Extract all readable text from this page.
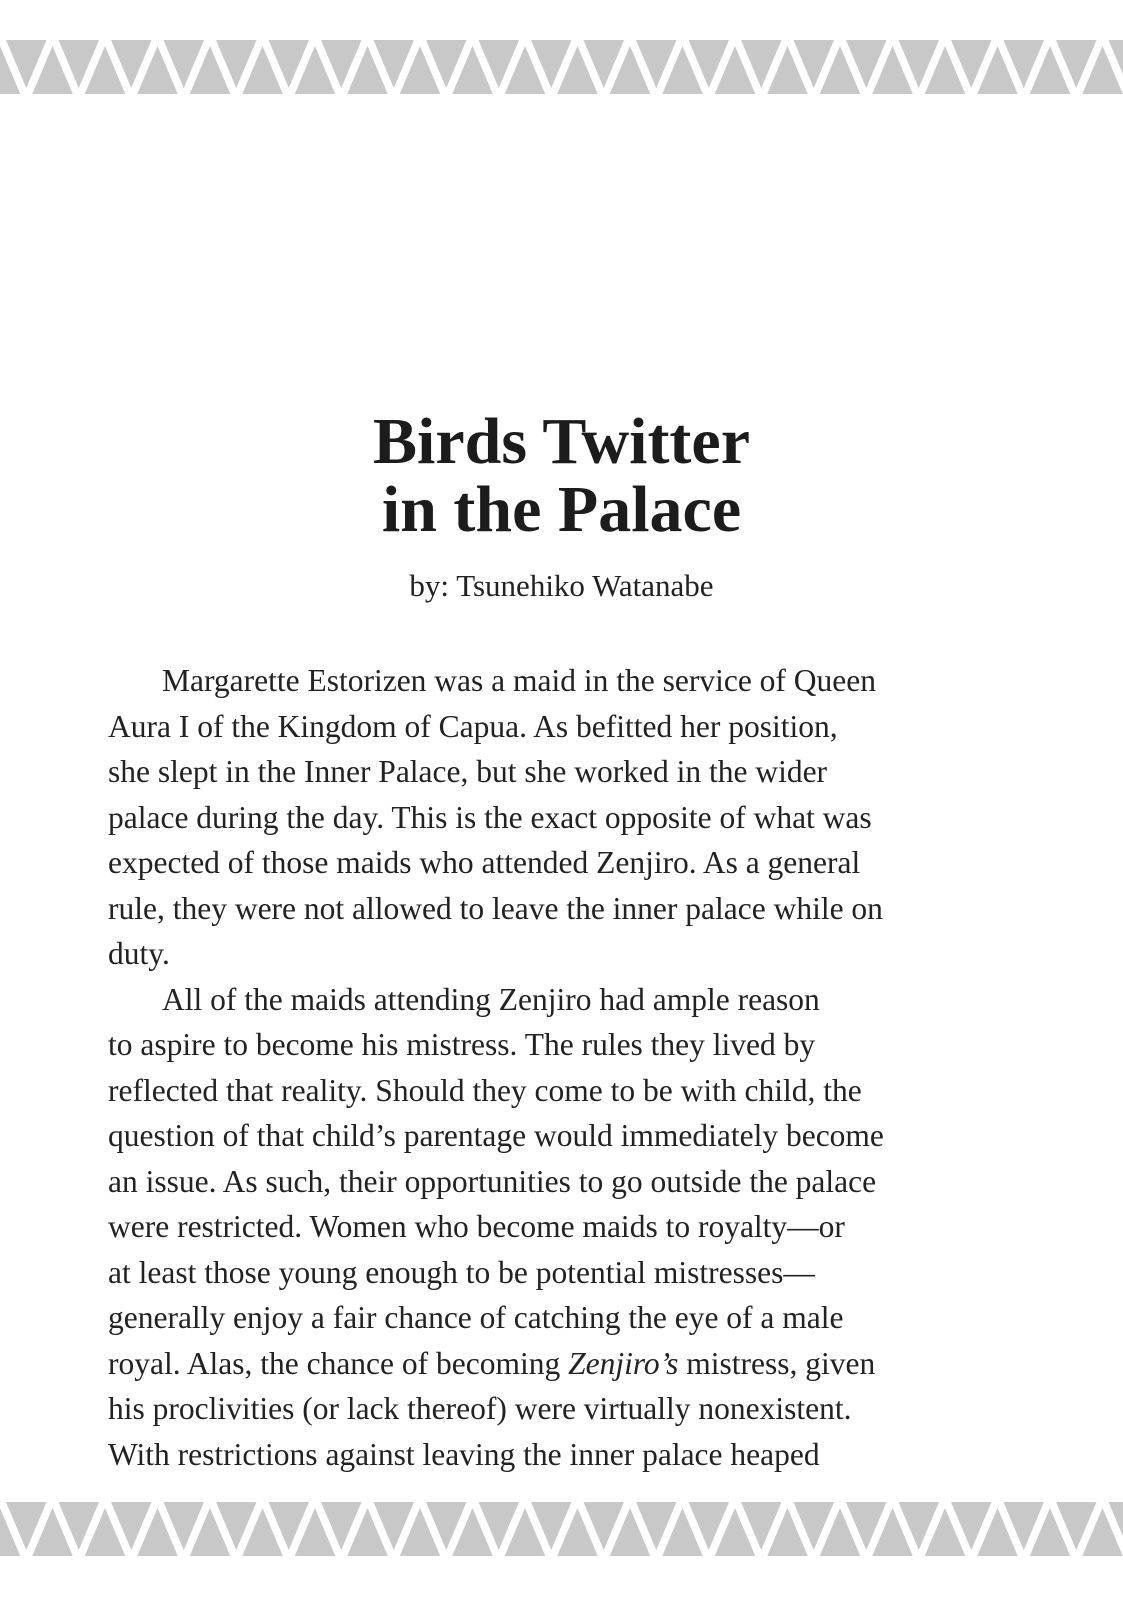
Birds Twitter
in the Palace
by: Tsunehiko Watanabe
Margarette Estorizen was a maid in the service of Queen
Aura I of the Kingdom of Capua. As befitted her position,
she slept in the Inner Palace, but she worked in the wider
palace during the day. This is the exact opposite of what was
expected of those maids who attended Zenjiro. As a general
rule, they were not allowed to leave the inner palace while on
duty.
All of the maids attending Zenjiro had ample reason
to aspire to become his mistress. The rules they lived by
reflected that reality. Should they come to be with child, the
question of that child’s parentage would immediately become
an issue. As such, their opportunities to go outside the palace
were restricted. Women who become maids to royalty—or
at least those young enough to be potential mistresses—
generally enjoy a fair chance of catching the eye of a male
royal. Alas, the chance of becoming Zenjiro’s mistress, given
his proclivities (or lack thereof) were virtually nonexistent.
With restrictions against leaving the inner palace heaped
